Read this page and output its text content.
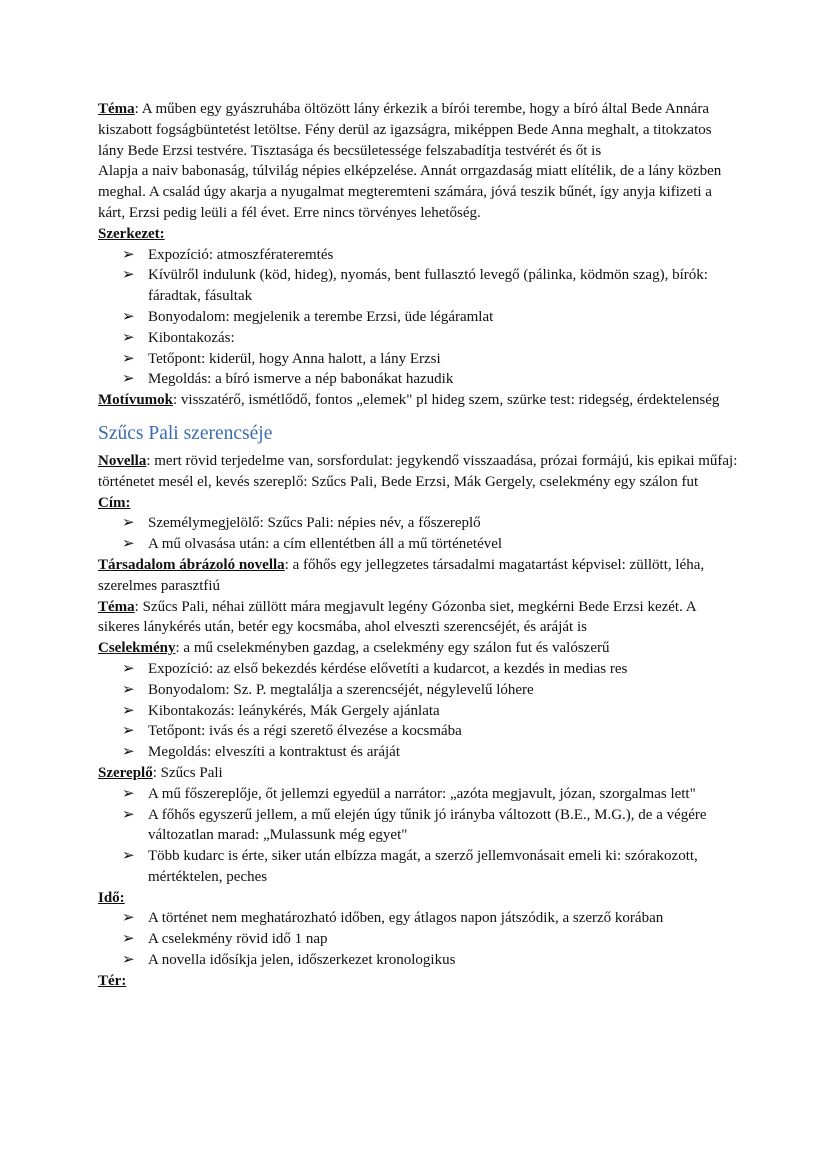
Téma: A műben egy gyászruhába öltözött lány érkezik a bírói terembe, hogy a bíró által Bede Annára kiszabott fogságbüntetést letöltse. Fény derül az igazságra, miképpen Bede Anna meghalt, a titokzatos lány Bede Erzsi testvére. Tisztasága és becsületessége felszabadítja testvérét és őt is

Alapja a naiv babonaság, túlvilág népies elképzelése. Annát orrgazdaság miatt elítélik, de a lány közben meghal. A család úgy akarja a nyugalmat megteremteni számára, jóvá teszik bűnét, így anyja kifizeti a kárt, Erzsi pedig leüli a fél évet. Erre nincs törvényes lehetőség.

Szerkezet:

➢ Expozíció: atmoszférateremtés
➢ Kívülről indulunk (köd, hideg), nyomás, bent fullasztó levegő (pálinka, ködmön szag), bírók: fáradtak, fásultak
➢ Bonyodalom: megjelenik a terembe Erzsi, üde légáramlat
➢ Kibontakozás:
➢ Tetőpont: kiderül, hogy Anna halott, a lány Erzsi
➢ Megoldás: a bíró ismerve a nép babonákat hazudik

Motívumok: visszatérő, ismétlődő, fontos „elemek" pl hideg szem, szürke test: ridegség, érdektelenség

Szűcs Pali szerencséje

Novella: mert rövid terjedelme van, sorsfordulat: jegykendő visszaadása, prózai formájú, kis epikai műfaj: történetet mesél el, kevés szereplő: Szűcs Pali, Bede Erzsi, Mák Gergely, cselekmény egy szálon fut

Cím:

➢ Személymegjelölő: Szűcs Pali: népies név, a főszereplő
➢ A mű olvasása után: a cím ellentétben áll a mű történetével

Társadalom ábrázoló novella: a főhős egy jellegzetes társadalmi magatartást képvisel: züllött, léha, szerelmes parasztfiú

Téma: Szűcs Pali, néhai züllött mára megjavult legény Gózonba siet, megkérni Bede Erzsi kezét. A sikeres lánykérés után, betér egy kocsmába, ahol elveszti szerencséjét, és aráját is

Cselekmény: a mű cselekményben gazdag, a cselekmény egy szálon fut és valószerű

➢ Expozíció: az első bekezdés kérdése elővetíti a kudarcot, a kezdés in medias res
➢ Bonyodalom: Sz. P. megtalálja a szerencséjét, négylevelű lóhere
➢ Kibontakozás: leánykérés, Mák Gergely ajánlata
➢ Tetőpont: ivás és a régi szerető élvezése a kocsmába
➢ Megoldás: elveszíti a kontraktust és aráját

Szereplő: Szűcs Pali

➢ A mű főszereplője, őt jellemzi egyedül a narrátor: „azóta megjavult, józan, szorgalmas lett"
➢ A főhős egyszerű jellem, a mű elején úgy tűnik jó irányba változott (B.E., M.G.), de a végére változatlan marad: „Mulassunk még egyet"
➢ Több kudarc is érte, siker után elbízza magát, a szerző jellemvonásait emeli ki: szórakozott, mértéktelen, peches

Idő:

➢ A történet nem meghatározható időben, egy átlagos napon játszódik, a szerző korában
➢ A cselekmény rövid idő 1 nap
➢ A novella idősíkja jelen, időszerkezet kronologikus

Tér:
